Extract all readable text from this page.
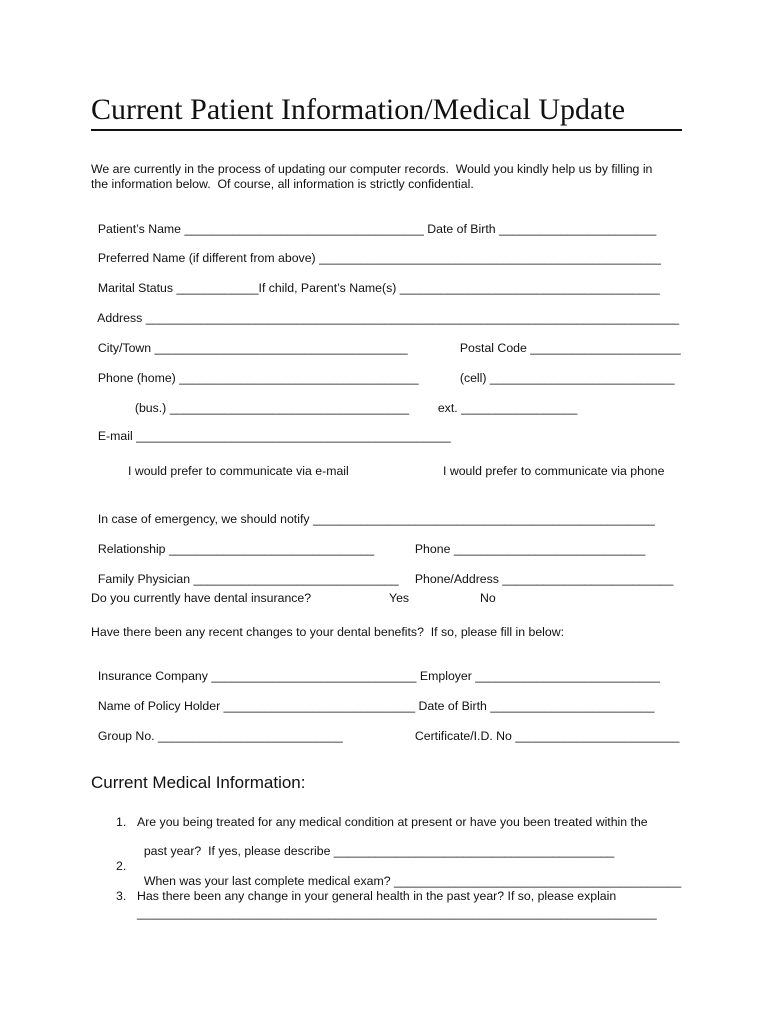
Current Patient Information/Medical Update
We are currently in the process of updating our computer records.  Would you kindly help us by filling in
the information below.  Of course, all information is strictly confidential.

Patient’s Name ___________________________________ Date of Birth _______________________

Preferred Name (if different from above) __________________________________________________

Marital Status ____________If child, Parent’s Name(s) ______________________________________

Address ______________________________________________________________________________

City/Town _____________________________________	Postal Code ______________________

Phone (home) ___________________________________	(cell) ___________________________

(bus.) ___________________________________	ext. _________________

E-mail ______________________________________________

I would prefer to communicate via e-mail	I would prefer to communicate via phone

In case of emergency, we should notify __________________________________________________

Relationship ______________________________	Phone ____________________________

Family Physician ______________________________	Phone/Address _________________________

Do you currently have dental insurance?	Yes	No
Have there been any recent changes to your dental benefits?  If so, please fill in below:

Insurance Company ______________________________ Employer ___________________________

Name of Policy Holder ____________________________ Date of Birth ________________________

Group No. ___________________________	Certificate/I.D. No ________________________

Current Medical Information:
1. Are you being treated for any medical condition at present or have you been treated within the

past year?  If yes, please describe _________________________________________

2.

When was your last complete medical exam? __________________________________________

3. Has there been any change in your general health in the past year? If so, please explain
____________________________________________________________________________
